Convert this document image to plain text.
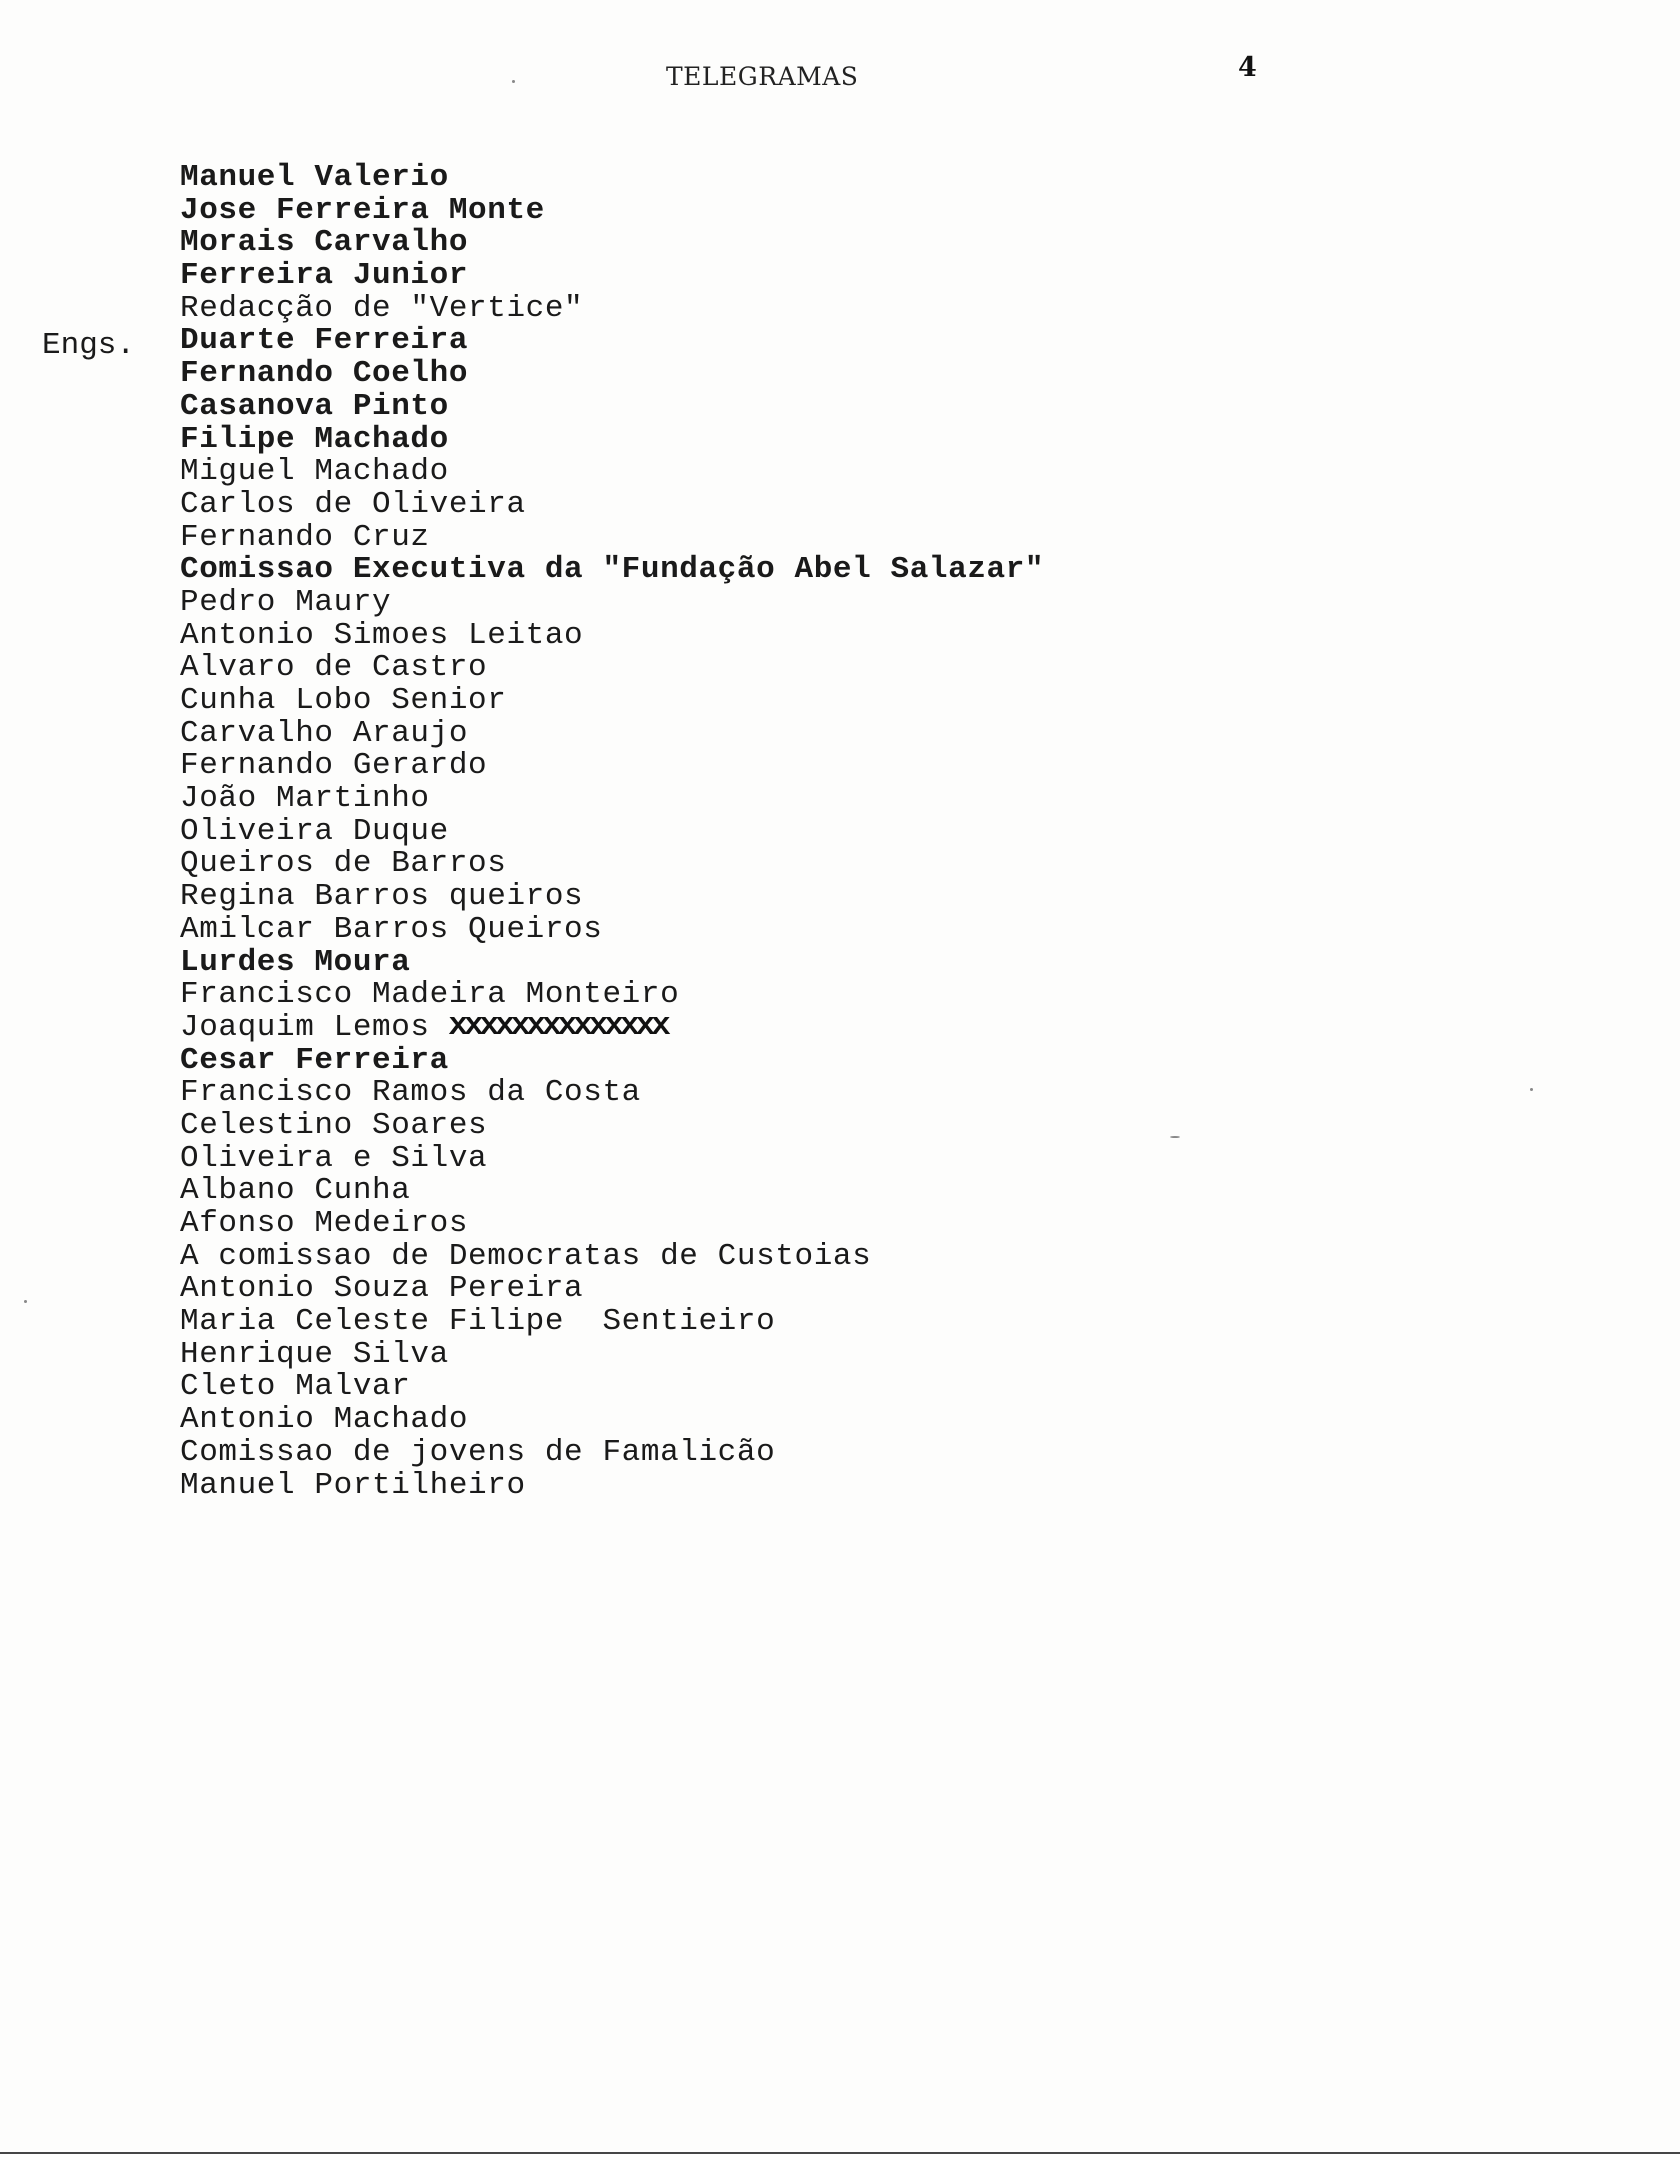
TELEGRAMAS	4
Engs.
Manuel Valerio
Jose Ferreira Monte
Morais Carvalho
Ferreira Junior
Redacção de "Vertice"
Duarte Ferreira
Fernando Coelho
Casanova Pinto
Filipe Machado
Miguel Machado
Carlos de Oliveira
Fernando Cruz
Comissao Executiva da "Fundação Abel Salazar"
Pedro Maury
Antonio Simoes Leitao
Alvaro de Castro
Cunha Lobo Senior
Carvalho Araujo
Fernando Gerardo
João Martinho
Oliveira Duque
Queiros de Barros
Regina Barros queiros
Amilcar Barros Queiros
Lurdes Moura
Francisco Madeira Monteiro
Joaquim Lemos XXXXXXXXXXXXXX
Cesar Ferreira
Francisco Ramos da Costa
Celestino Soares
Oliveira e Silva
Albano Cunha
Afonso Medeiros
A comissao de Democratas de Custoias
Antonio Souza Pereira
Maria Celeste Filipe  Sentieiro
Henrique Silva
Cleto Malvar
Antonio Machado
Comissao de jovens de Famalicão
Manuel Portilheiro
